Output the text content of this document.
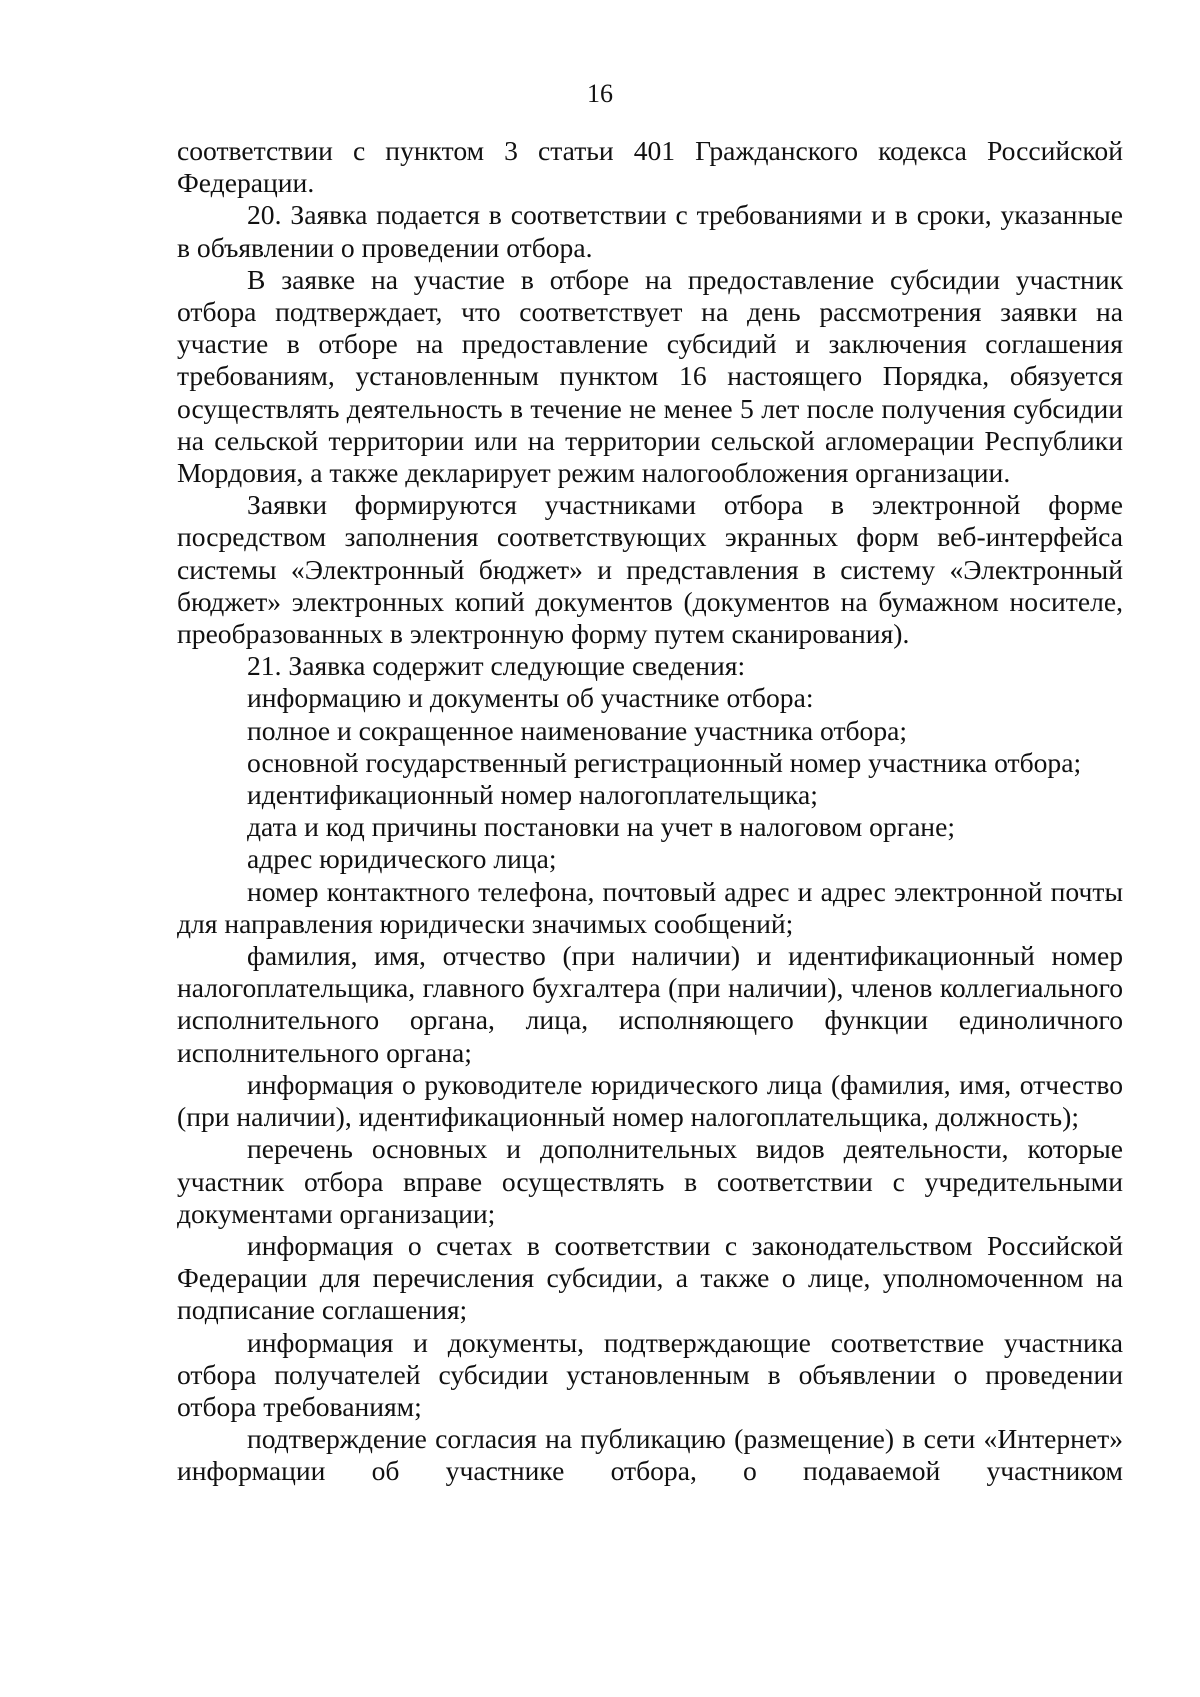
16

соответствии с пунктом 3 статьи 401 Гражданского кодекса Российской Федерации.

20. Заявка подается в соответствии с требованиями и в сроки, указанные в объявлении о проведении отбора.

В заявке на участие в отборе на предоставление субсидии участник отбора подтверждает, что соответствует на день рассмотрения заявки на участие в отборе на предоставление субсидий и заключения соглашения требованиям, установленным пунктом 16 настоящего Порядка, обязуется осуществлять деятельность в течение не менее 5 лет после получения субсидии на сельской территории или на территории сельской агломерации Республики Мордовия, а также декларирует режим налогообложения организации.

Заявки формируются участниками отбора в электронной форме посредством заполнения соответствующих экранных форм веб-интерфейса системы «Электронный бюджет» и представления в систему «Электронный бюджет» электронных копий документов (документов на бумажном носителе, преобразованных в электронную форму путем сканирования).

21. Заявка содержит следующие сведения:

информацию и документы об участнике отбора:

полное и сокращенное наименование участника отбора;

основной государственный регистрационный номер участника отбора;

идентификационный номер налогоплательщика;

дата и код причины постановки на учет в налоговом органе;

адрес юридического лица;

номер контактного телефона, почтовый адрес и адрес электронной почты для направления юридически значимых сообщений;

фамилия, имя, отчество (при наличии) и идентификационный номер налогоплательщика, главного бухгалтера (при наличии), членов коллегиального исполнительного органа, лица, исполняющего функции единоличного исполнительного органа;

информация о руководителе юридического лица (фамилия, имя, отчество (при наличии), идентификационный номер налогоплательщика, должность);

перечень основных и дополнительных видов деятельности, которые участник отбора вправе осуществлять в соответствии с учредительными документами организации;

информация о счетах в соответствии с законодательством Российской Федерации для перечисления субсидии, а также о лице, уполномоченном на подписание соглашения;

информация и документы, подтверждающие соответствие участника отбора получателей субсидии установленным в объявлении о проведении отбора требованиям;

подтверждение согласия на публикацию (размещение) в сети «Интернет» информации об участнике отбора, о подаваемой участником
